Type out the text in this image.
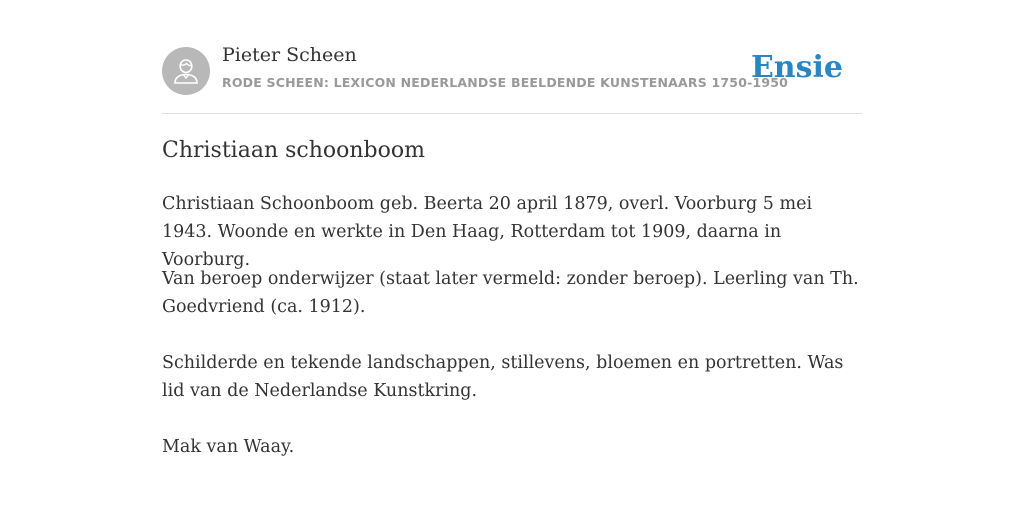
Pieter Scheen
RODE SCHEEN: LEXICON NEDERLANDSE BEELDENDE KUNSTENAARS 1750-1950
Ensie
Christiaan schoonboom

Christiaan Schoonboom geb. Beerta 20 april 1879, overl. Voorburg 5 mei 1943. Woonde en werkte in Den Haag, Rotterdam tot 1909, daarna in Voorburg.

Van beroep onderwijzer (staat later vermeld: zonder beroep). Leerling van Th. Goedvriend (ca. 1912).

Schilderde en tekende landschappen, stillevens, bloemen en portretten. Was lid van de Nederlandse Kunstkring.

Mak van Waay.
